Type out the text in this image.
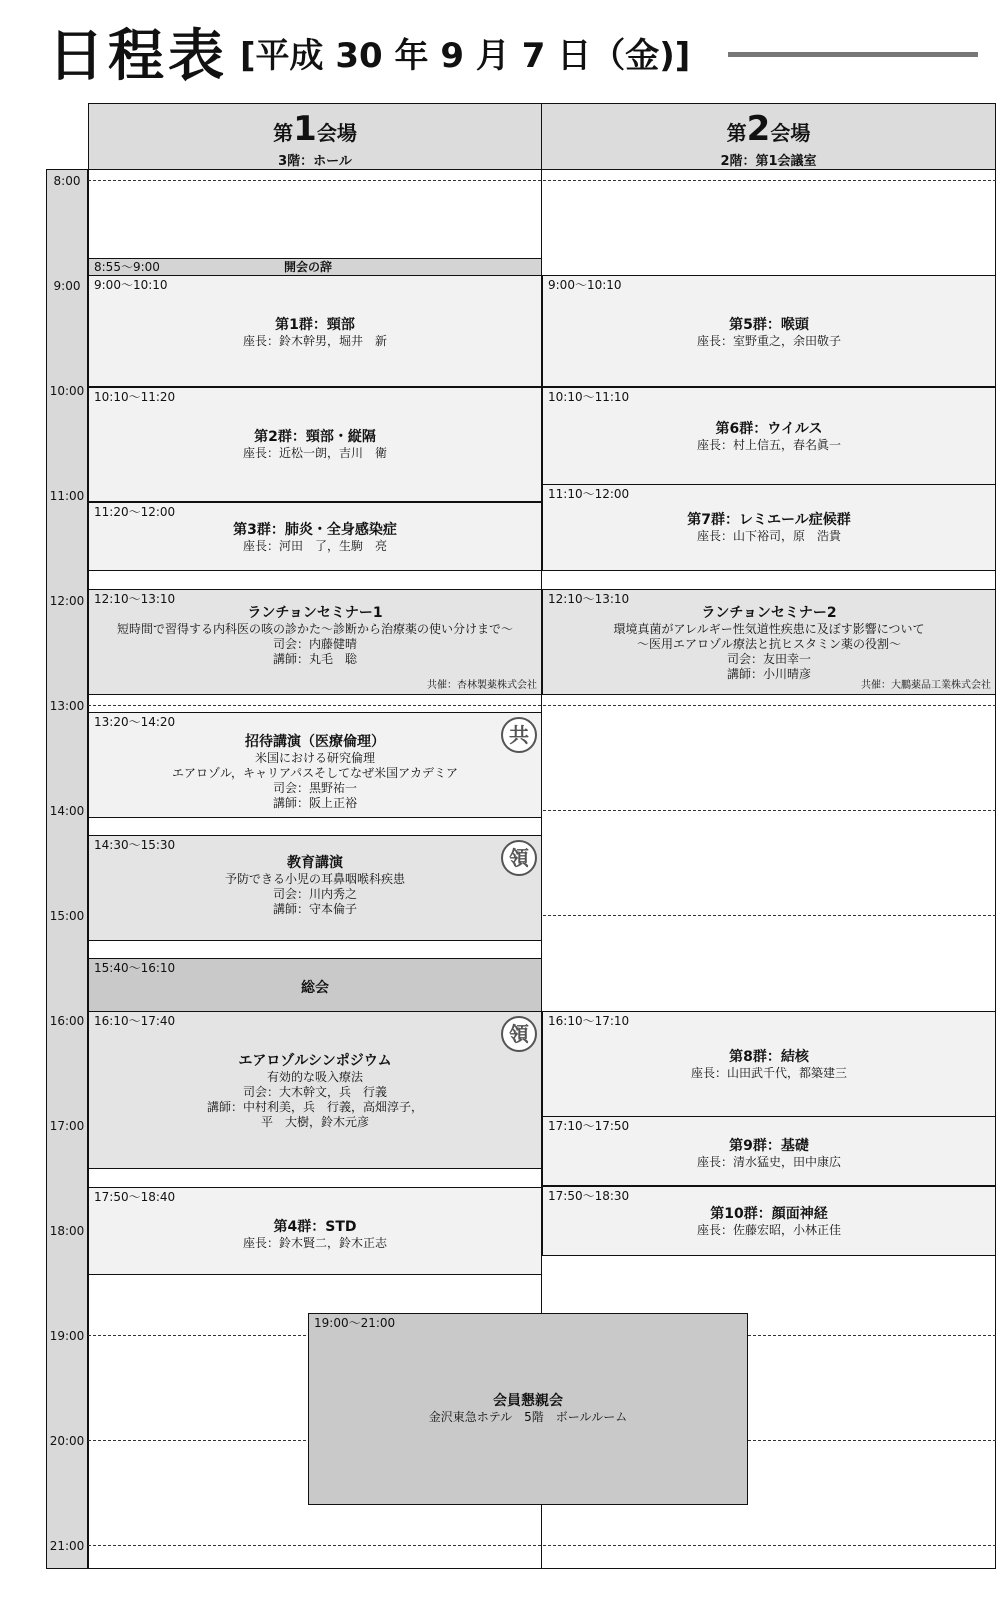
日程表 [平成 30 年 9 月 7 日（金)]
第1会場
3階：ホール
第2会場
2階：第1会議室
8:00
9:00
10:00
11:00
12:00
13:00
14:00
15:00
16:00
17:00
18:00
19:00
20:00
21:00
8:55～9:00	開会の辞
9:00～10:10
第1群：頸部
座長：鈴木幹男，堀井　新
10:10～11:20
第2群：頸部・縦隔
座長：近松一朗，吉川　衛
11:20～12:00
第3群：肺炎・全身感染症
座長：河田　了，生駒　亮
12:10～13:10
ランチョンセミナー1
短時間で習得する内科医の咳の診かた～診断から治療薬の使い分けまで～
司会：内藤健晴
講師：丸毛　聡
共催：杏林製薬株式会社
13:20～14:20
共
招待講演（医療倫理）
米国における研究倫理
エアロゾル，キャリアパスそしてなぜ米国アカデミア
司会：黒野祐一
講師：阪上正裕
14:30～15:30
領
教育講演
予防できる小児の耳鼻咽喉科疾患
司会：川内秀之
講師：守本倫子
15:40～16:10
総会
16:10～17:40
領
エアロゾルシンポジウム
有効的な吸入療法
司会：大木幹文，兵　行義
講師：中村利美，兵　行義，高畑淳子，
平　大樹，鈴木元彦
17:50～18:40
第4群：STD
座長：鈴木賢二，鈴木正志
9:00～10:10
第5群：喉頭
座長：室野重之，余田敬子
10:10～11:10
第6群：ウイルス
座長：村上信五，春名眞一
11:10～12:00
第7群：レミエール症候群
座長：山下裕司，原　浩貴
12:10～13:10
ランチョンセミナー2
環境真菌がアレルギー性気道性疾患に及ぼす影響について
～医用エアロゾル療法と抗ヒスタミン薬の役割～
司会：友田幸一
講師：小川晴彦
共催：大鵬薬品工業株式会社
16:10～17:10
第8群：結核
座長：山田武千代，都築建三
17:10～17:50
第9群：基礎
座長：清水猛史，田中康広
17:50～18:30
第10群：顔面神経
座長：佐藤宏昭，小林正佳
19:00～21:00
会員懇親会
金沢東急ホテル　5階　ボールルーム
